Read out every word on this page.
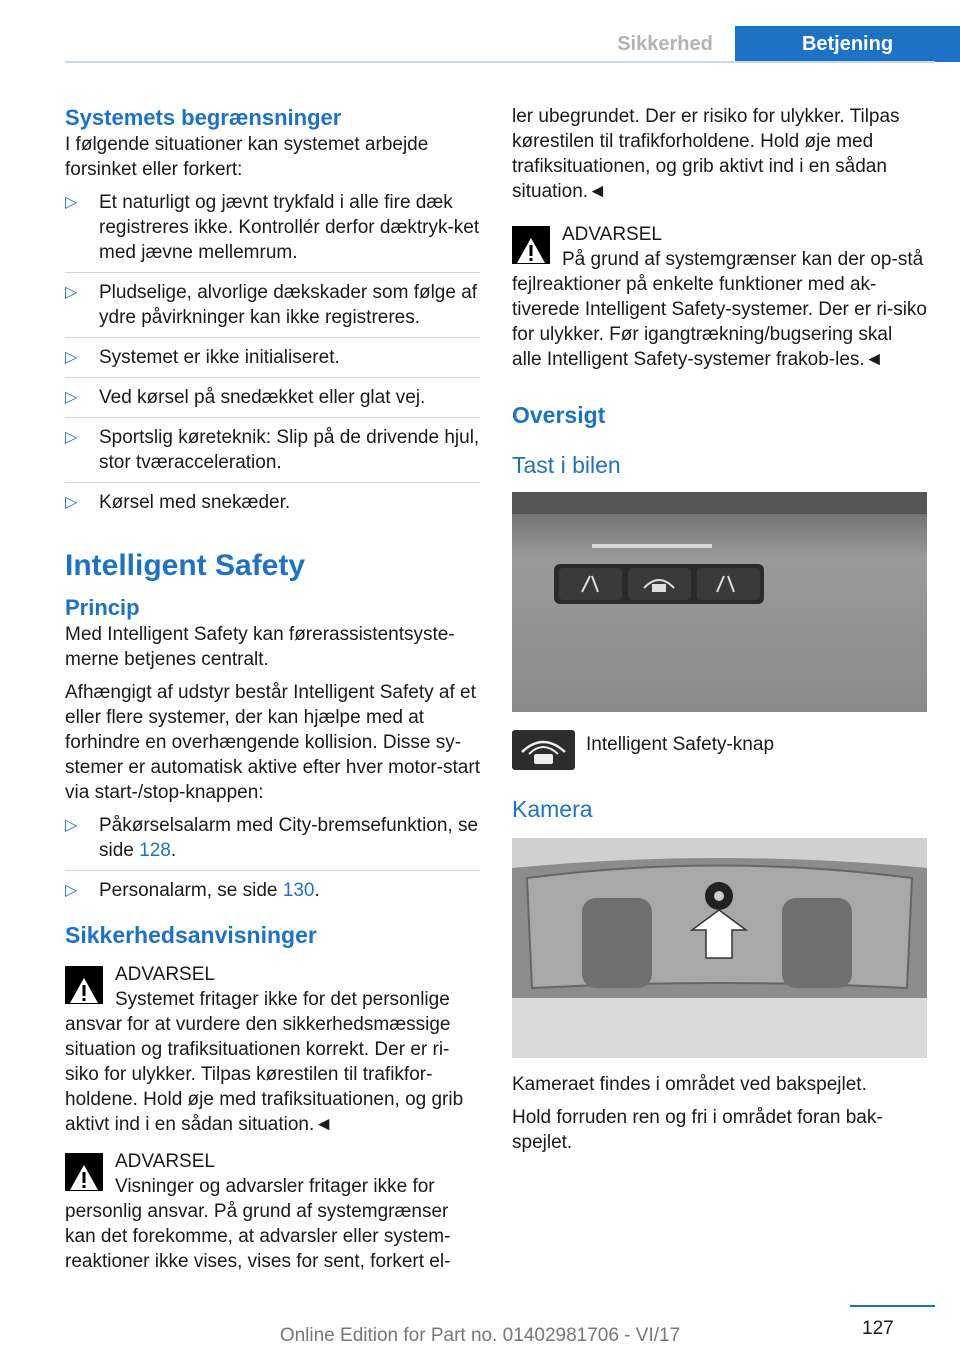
Sikkerhed	Betjening
Systemets begrænsninger

I følgende situationer kan systemet arbejde forsinket eller forkert:

▷ Et naturligt og jævnt trykfald i alle fire dæk registreres ikke. Kontrollér derfor dæktryk-ket med jævne mellemrum.
▷ Pludselige, alvorlige dækskader som følge af ydre påvirkninger kan ikke registreres.
▷ Systemet er ikke initialiseret.
▷ Ved kørsel på snedækket eller glat vej.
▷ Sportslig køreteknik: Slip på de drivende hjul, stor tværacceleration.
▷ Kørsel med snekæder.
Intelligent Safety
Princip

Med Intelligent Safety kan førerassistentsyste-merne betjenes centralt.

Afhængigt af udstyr består Intelligent Safety af et eller flere systemer, der kan hjælpe med at forhindre en overhængende kollision. Disse sy-stemer er automatisk aktive efter hver motor-start via start-/stop-knappen:

▷ Påkørselsalarm med City-bremsefunktion, se side 128.
▷ Personalarm, se side 130.
Sikkerhedsanvisninger
ADVARSEL

Systemet fritager ikke for det personlige ansvar for at vurdere den sikkerhedsmæssige situation og trafiksituationen korrekt. Der er ri-siko for ulykker. Tilpas kørestilen til trafikfor-holdene. Hold øje med trafiksituationen, og grib aktivt ind i en sådan situation.◄

ADVARSEL

Visninger og advarsler fritager ikke for personlig ansvar. På grund af systemgrænser kan det forekomme, at advarsler eller system-reaktioner ikke vises, vises for sent, forkert el-

ler ubegrundet. Der er risiko for ulykker. Tilpas kørestilen til trafikforholdene. Hold øje med trafiksituationen, og grib aktivt ind i en sådan situation.◄

ADVARSEL

På grund af systemgrænser kan der op-stå fejlreaktioner på enkelte funktioner med ak-tiverede Intelligent Safety-systemer. Der er ri-siko for ulykker. Før igangtrækning/bugsering skal alle Intelligent Safety-systemer frakob-les.◄

Oversigt
Tast i bilen
Intelligent Safety-knap
Kamera

Kameraet findes i området ved bakspejlet.

Hold forruden ren og fri i området foran bak-spejlet.

127
Online Edition for Part no. 01402981706 - VI/17
